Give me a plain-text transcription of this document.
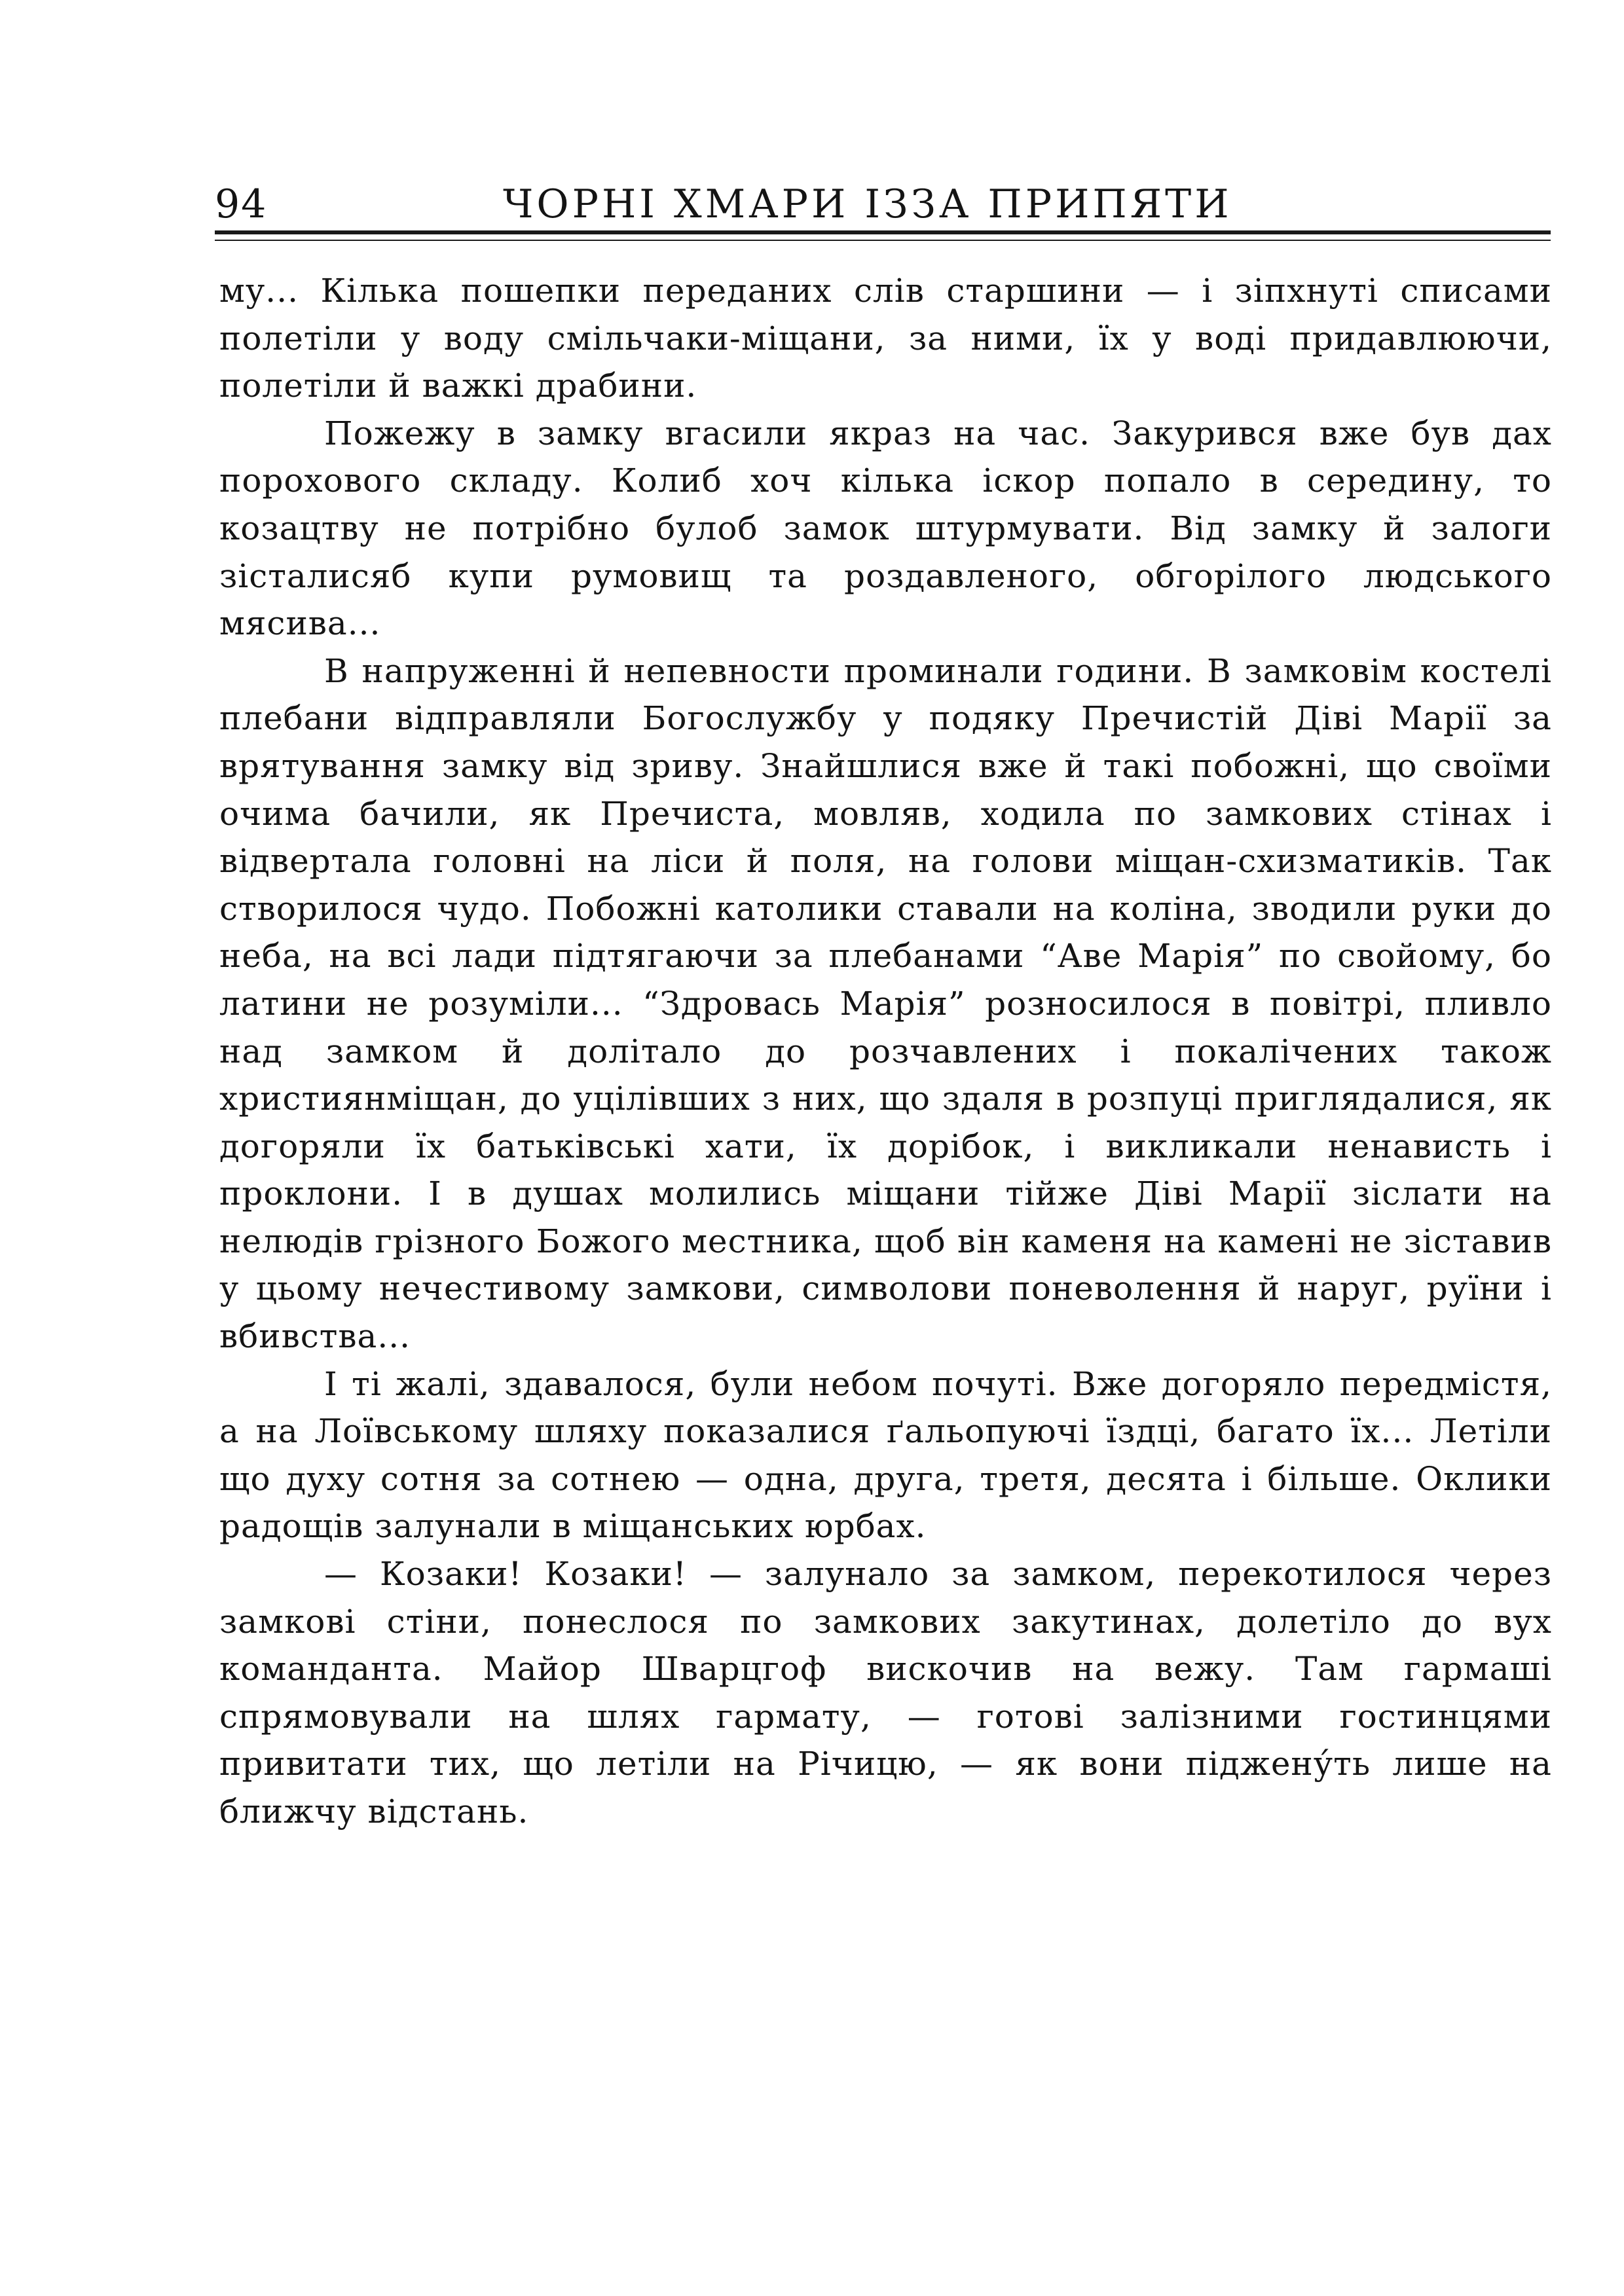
94	ЧОРНІ ХМАРИ ІЗЗА ПРИПЯТИ

му... Кілька пошепки переданих слів старшини — і зіпхнуті списами полетіли у воду смільчаки-міщани, за ними, їх у воді придавлюючи, полетіли й важкі драбини.

Пожежу в замку вгасили якраз на час. Закурився вже був дах порохового складу. Колиб хоч кілька іскор попало в середину, то козацтву не потрібно булоб замок штурмувати. Від замку й залоги зісталисяб купи румовищ та роздавленого, обгорілого людського мясива...

В напруженні й непевности проминали години. В замковім костелі плебани відправляли Богослужбу у подяку Пречистій Діві Марії за врятування замку від зриву. Знайшлися вже й такі побожні, що своїми очима бачили, як Пречиста, мовляв, ходила по замкових стінах і відвертала головні на ліси й поля, на голови міщан-схизматиків. Так створилося чудо. Побожні католики ставали на коліна, зводили руки до неба, на всі лади підтягаючи за плебанами “Аве Марія” по свойому, бо латини не розуміли... “Здровась Марія” розносилося в повітрі, пливло над замком й долітало до розчавлених і покалічених також християнміщан, до уцілівших з них, що здаля в розпуці приглядалися, як догоряли їх батьківські хати, їх дорібок, і викликали ненависть і проклони. І в душах молились міщани тійже Діві Марії зіслати на нелюдів грізного Божого местника, щоб він каменя на камені не зіставив у цьому нечестивому замкови, символови поневолення й наруг, руїни і вбивства...

І ті жалі, здавалося, були небом почуті. Вже догоряло передмістя, а на Лоївському шляху показалися ґальопуючі їздці, багато їх... Летіли що духу сотня за сотнею — одна, друга, третя, десята і більше. Оклики радощів залунали в міщанських юрбах.

— Козаки! Козаки! — залунало за замком, перекотилося через замкові стіни, понеслося по замкових закутинах, долетіло до вух команданта. Майор Шварцгоф вискочив на вежу. Там гармаші спрямовували на шлях гармату, — готові залізними гостинцями привитати тих, що летіли на Річицю, — як вони піджену́ть лише на ближчу відстань.
